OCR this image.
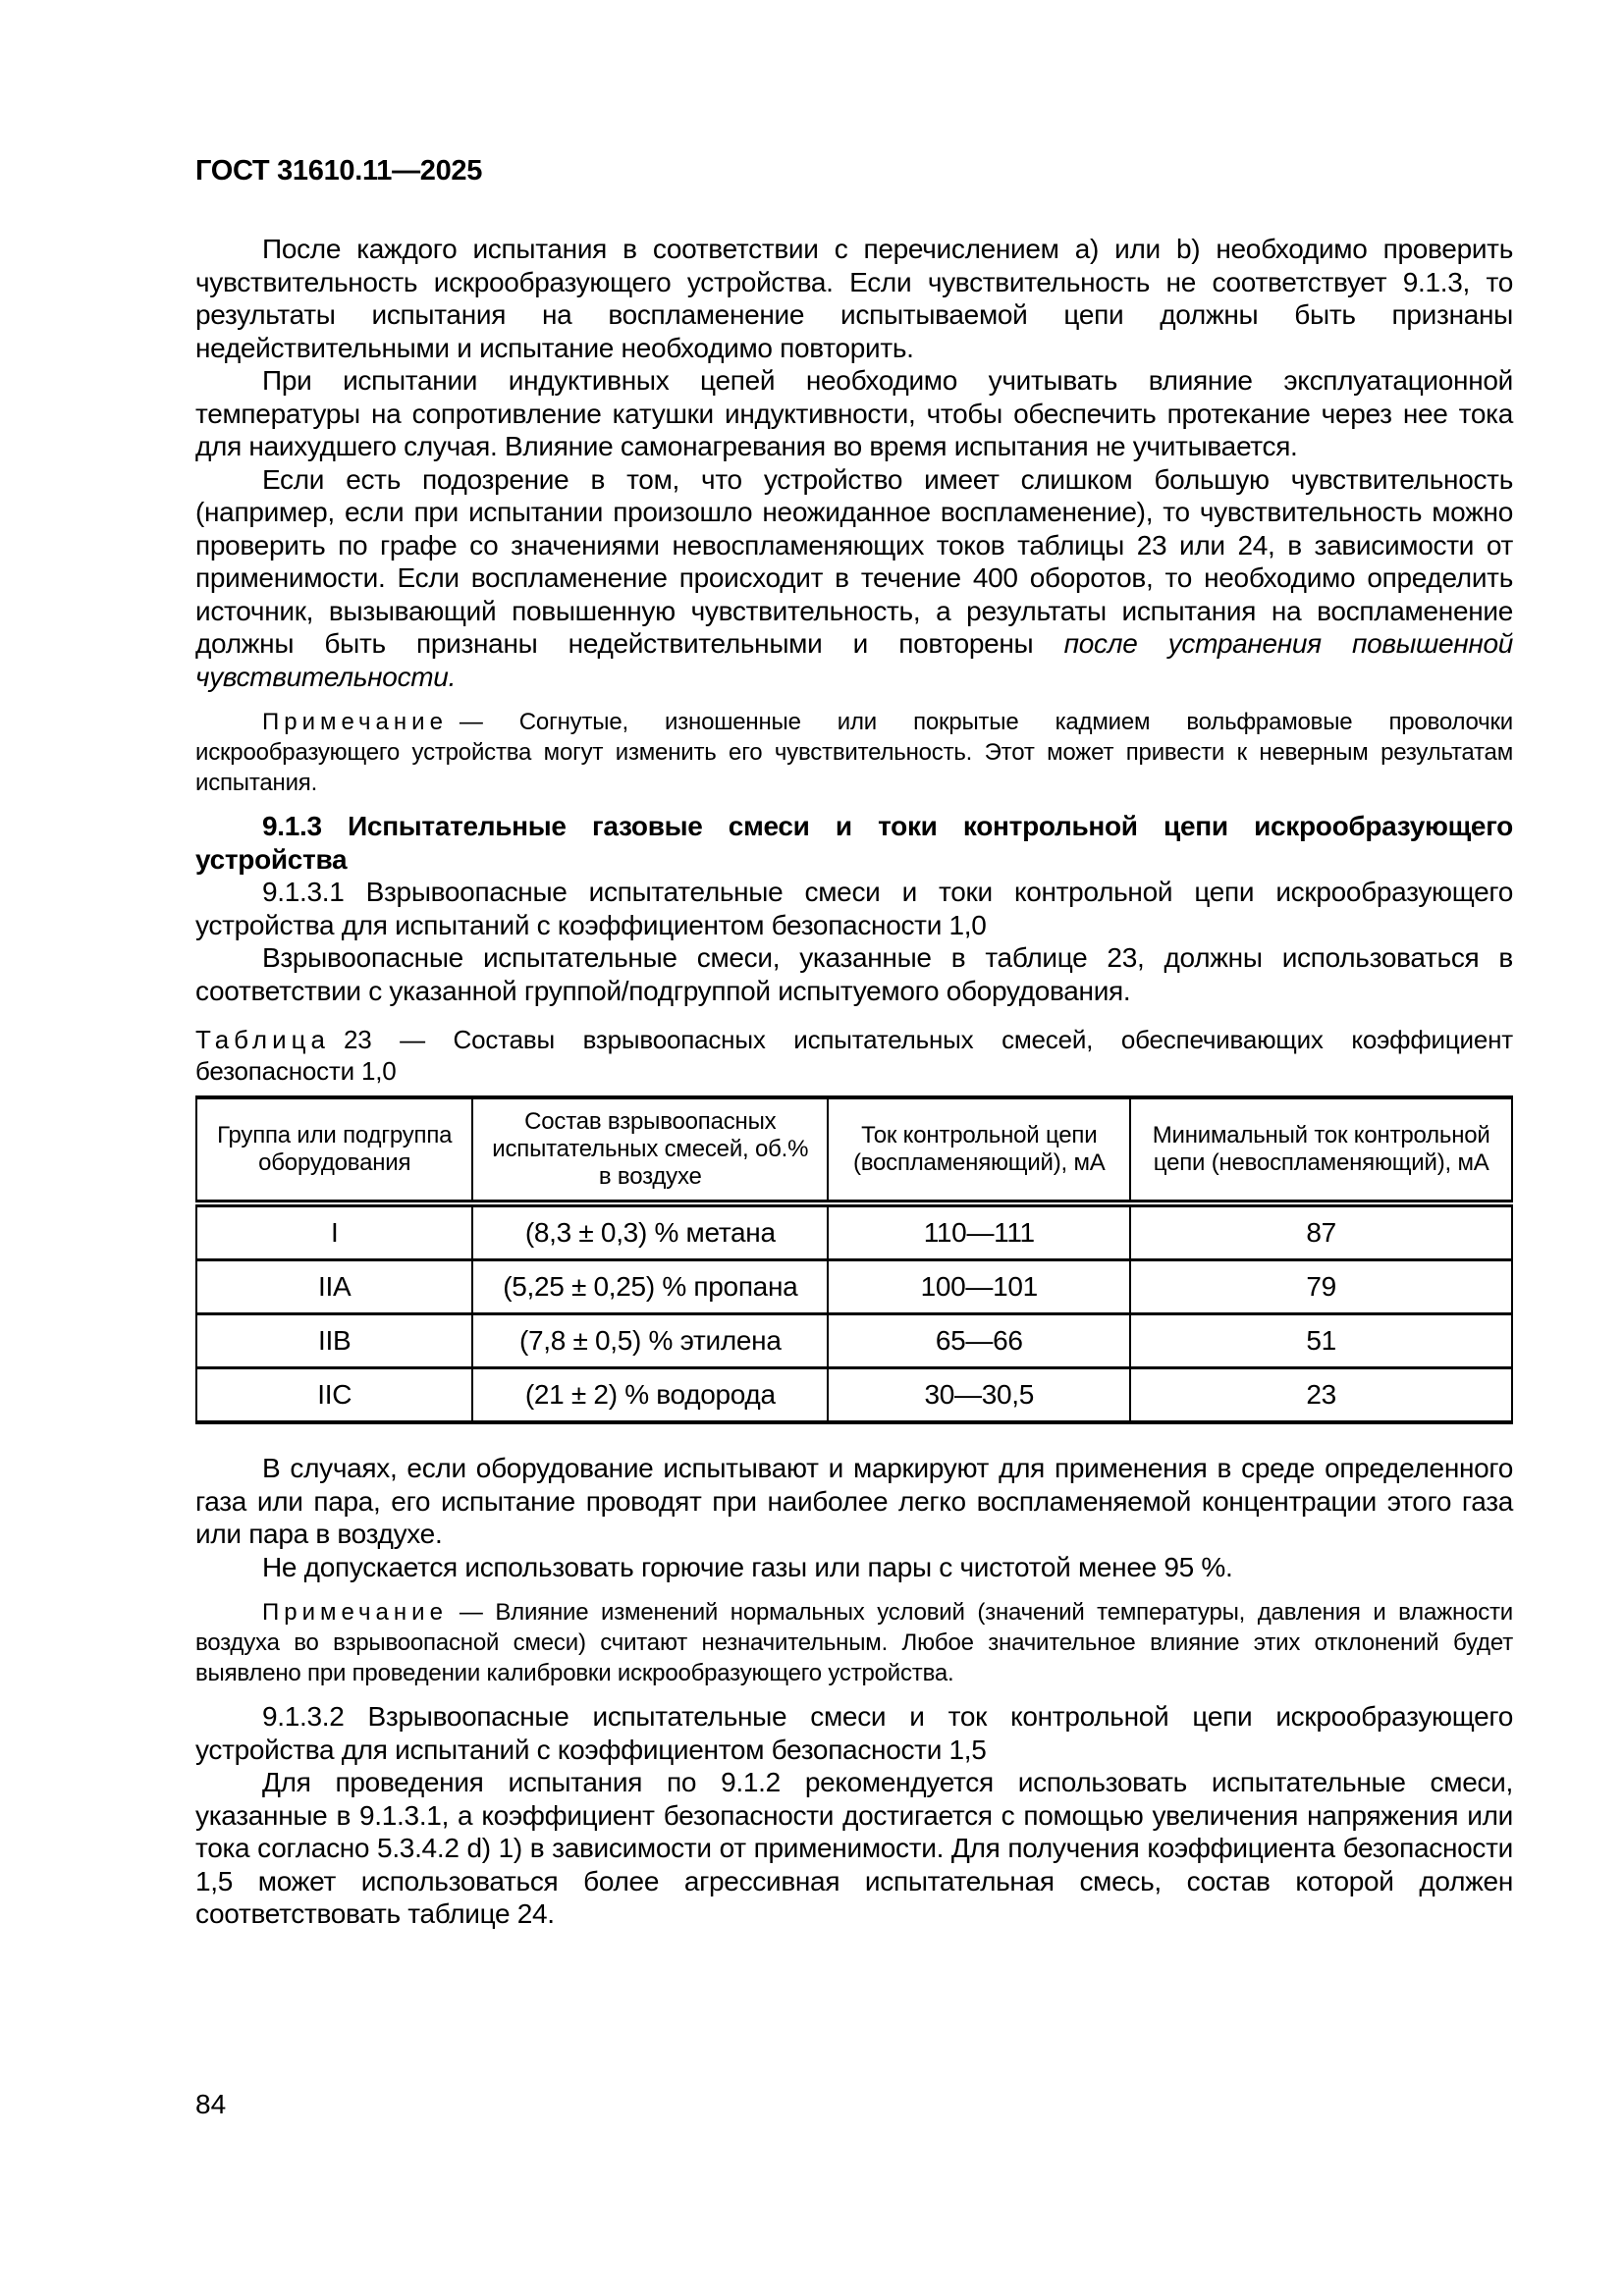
ГОСТ 31610.11—2025

После каждого испытания в соответствии с перечислением а) или b) необходимо проверить чувствительность искрообразующего устройства. Если чувствительность не соответствует 9.1.3, то результаты испытания на воспламенение испытываемой цепи должны быть признаны недействительными и испытание необходимо повторить.

При испытании индуктивных цепей необходимо учитывать влияние эксплуатационной температуры на сопротивление катушки индуктивности, чтобы обеспечить протекание через нее тока для наихудшего случая. Влияние самонагревания во время испытания не учитывается.

Если есть подозрение в том, что устройство имеет слишком большую чувствительность (например, если при испытании произошло неожиданное воспламенение), то чувствительность можно проверить по графе со значениями невоспламеняющих токов таблицы 23 или 24, в зависимости от применимости. Если воспламенение происходит в течение 400 оборотов, то необходимо определить источник, вызывающий повышенную чувствительность, а результаты испытания на воспламенение должны быть признаны недействительными и повторены после устранения повышенной чувствительности.

Примечание — Согнутые, изношенные или покрытые кадмием вольфрамовые проволочки искрообразующего устройства могут изменить его чувствительность. Этот может привести к неверным результатам испытания.

9.1.3 Испытательные газовые смеси и токи контрольной цепи искрообразующего устройства

9.1.3.1 Взрывоопасные испытательные смеси и токи контрольной цепи искрообразующего устройства для испытаний с коэффициентом безопасности 1,0

Взрывоопасные испытательные смеси, указанные в таблице 23, должны использоваться в соответствии с указанной группой/подгруппой испытуемого оборудования.

Таблица 23 — Составы взрывоопасных испытательных смесей, обеспечивающих коэффициент безопасности 1,0

Группа или подгруппа оборудования	Состав взрывоопасных испытательных смесей, об.% в воздухе	Ток контрольной цепи (воспламеняющий), мА	Минимальный ток контрольной цепи (невоспламеняющий), мА
I	(8,3 ± 0,3) % метана	110—111	87
IIA	(5,25 ± 0,25) % пропана	100—101	79
IIB	(7,8 ± 0,5) % этилена	65—66	51
IIC	(21 ± 2) % водорода	30—30,5	23

В случаях, если оборудование испытывают и маркируют для применения в среде определенного газа или пара, его испытание проводят при наиболее легко воспламеняемой концентрации этого газа или пара в воздухе.

Не допускается использовать горючие газы или пары с чистотой менее 95 %.

Примечание — Влияние изменений нормальных условий (значений температуры, давления и влажности воздуха во взрывоопасной смеси) считают незначительным. Любое значительное влияние этих отклонений будет выявлено при проведении калибровки искрообразующего устройства.

9.1.3.2 Взрывоопасные испытательные смеси и ток контрольной цепи искрообразующего устройства для испытаний с коэффициентом безопасности 1,5

Для проведения испытания по 9.1.2 рекомендуется использовать испытательные смеси, указанные в 9.1.3.1, а коэффициент безопасности достигается с помощью увеличения напряжения или тока согласно 5.3.4.2 d) 1) в зависимости от применимости. Для получения коэффициента безопасности 1,5 может использоваться более агрессивная испытательная смесь, состав которой должен соответствовать таблице 24.

84
